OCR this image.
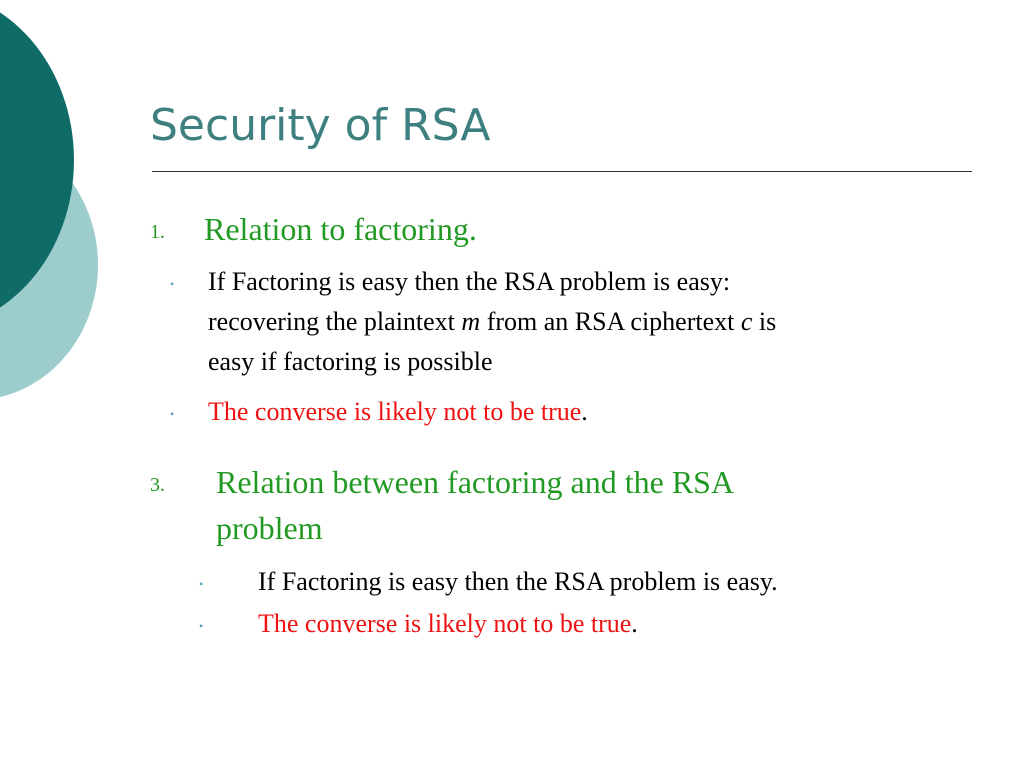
Security of RSA
1. Relation to factoring.
• If Factoring is easy then the RSA problem is easy:
recovering the plaintext m from an RSA ciphertext c is
easy if factoring is possible
• The converse is likely not to be true.
3. Relation between factoring and the RSA
problem
• If Factoring is easy then the RSA problem is easy.
• The converse is likely not to be true.
